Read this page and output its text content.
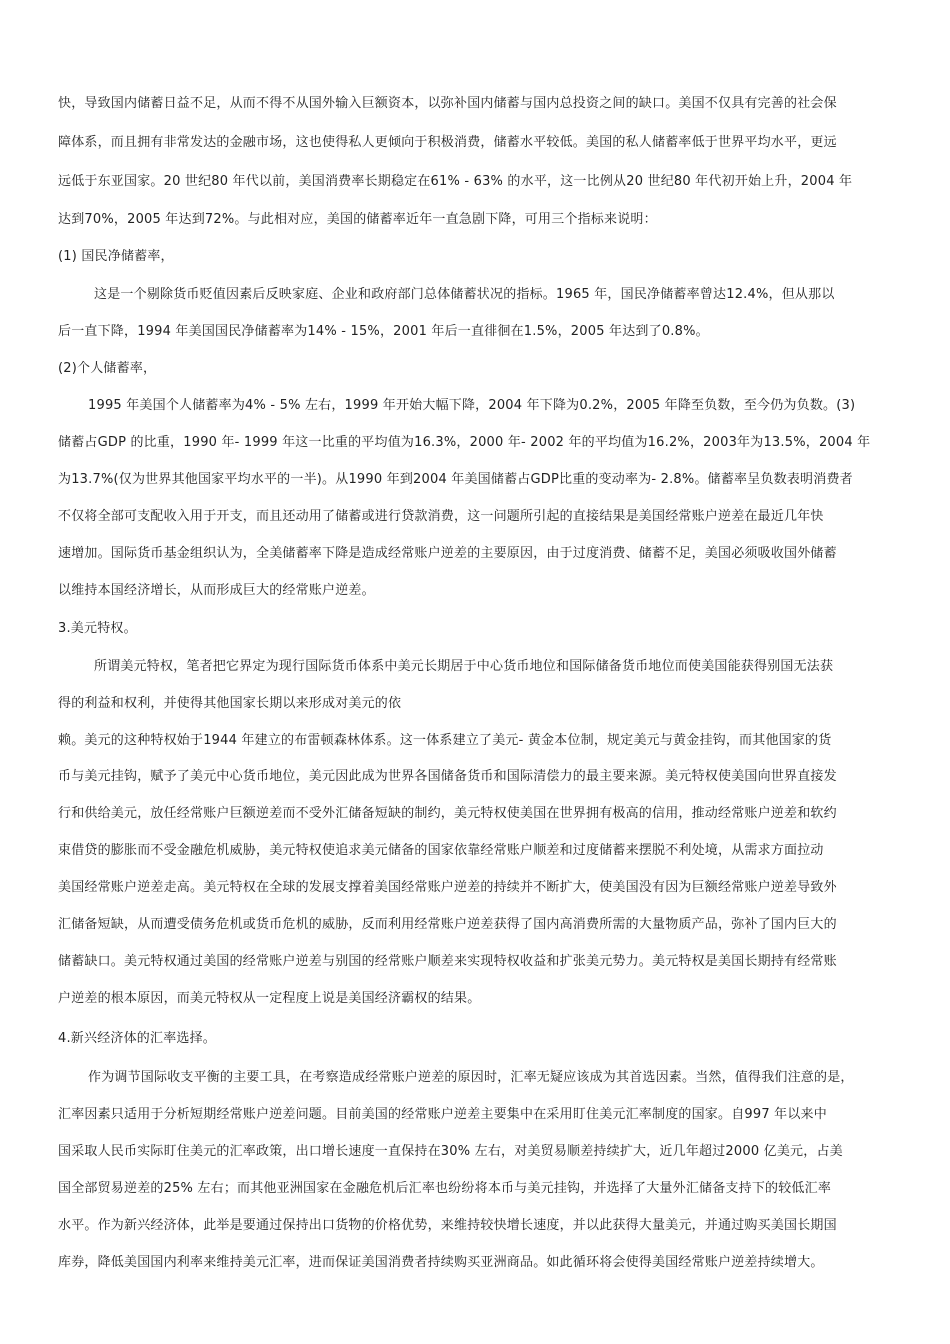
快，导致国内储蓄日益不足，从而不得不从国外输入巨额资本，以弥补国内储蓄与国内总投资之间的缺口。美国不仅具有完善的社会保
障体系，而且拥有非常发达的金融市场，这也使得私人更倾向于积极消费，储蓄水平较低。美国的私人储蓄率低于世界平均水平，更远
远低于东亚国家。20 世纪80 年代以前，美国消费率长期稳定在61% - 63% 的水平，这一比例从20 世纪80 年代初开始上升，2004 年
达到70%，2005 年达到72%。与此相对应，美国的储蓄率近年一直急剧下降，可用三个指标来说明：
(1) 国民净储蓄率，
这是一个剔除货币贬值因素后反映家庭、企业和政府部门总体储蓄状况的指标。1965 年，国民净储蓄率曾达12.4%，但从那以
后一直下降，1994 年美国国民净储蓄率为14% - 15%，2001 年后一直徘徊在1.5%，2005 年达到了0.8%。
(2)个人储蓄率，
1995 年美国个人储蓄率为4% - 5% 左右，1999 年开始大幅下降，2004 年下降为0.2%，2005 年降至负数，至今仍为负数。(3)
储蓄占GDP 的比重，1990 年- 1999 年这一比重的平均值为16.3%，2000 年- 2002 年的平均值为16.2%，2003年为13.5%，2004 年
为13.7%(仅为世界其他国家平均水平的一半)。从1990 年到2004 年美国储蓄占GDP比重的变动率为- 2.8%。储蓄率呈负数表明消费者
不仅将全部可支配收入用于开支，而且还动用了储蓄或进行贷款消费，这一问题所引起的直接结果是美国经常账户逆差在最近几年快
速增加。国际货币基金组织认为，全美储蓄率下降是造成经常账户逆差的主要原因，由于过度消费、储蓄不足，美国必须吸收国外储蓄
以维持本国经济增长，从而形成巨大的经常账户逆差。
3.美元特权。
所谓美元特权，笔者把它界定为现行国际货币体系中美元长期居于中心货币地位和国际储备货币地位而使美国能获得别国无法获
得的利益和权利，并使得其他国家长期以来形成对美元的依
赖。美元的这种特权始于1944 年建立的布雷顿森林体系。这一体系建立了美元- 黄金本位制，规定美元与黄金挂钩，而其他国家的货
币与美元挂钩，赋予了美元中心货币地位，美元因此成为世界各国储备货币和国际清偿力的最主要来源。美元特权使美国向世界直接发
行和供给美元，放任经常账户巨额逆差而不受外汇储备短缺的制约，美元特权使美国在世界拥有极高的信用，推动经常账户逆差和软约
束借贷的膨胀而不受金融危机威胁，美元特权使追求美元储备的国家依靠经常账户顺差和过度储蓄来摆脱不利处境，从需求方面拉动
美国经常账户逆差走高。美元特权在全球的发展支撑着美国经常账户逆差的持续并不断扩大，使美国没有因为巨额经常账户逆差导致外
汇储备短缺，从而遭受债务危机或货币危机的威胁，反而利用经常账户逆差获得了国内高消费所需的大量物质产品，弥补了国内巨大的
储蓄缺口。美元特权通过美国的经常账户逆差与别国的经常账户顺差来实现特权收益和扩张美元势力。美元特权是美国长期持有经常账
户逆差的根本原因，而美元特权从一定程度上说是美国经济霸权的结果。
4.新兴经济体的汇率选择。
作为调节国际收支平衡的主要工具，在考察造成经常账户逆差的原因时，汇率无疑应该成为其首选因素。当然，值得我们注意的是，
汇率因素只适用于分析短期经常账户逆差问题。目前美国的经常账户逆差主要集中在采用盯住美元汇率制度的国家。自997 年以来中
国采取人民币实际盯住美元的汇率政策，出口增长速度一直保持在30% 左右，对美贸易顺差持续扩大，近几年超过2000 亿美元，占美
国全部贸易逆差的25% 左右；而其他亚洲国家在金融危机后汇率也纷纷将本币与美元挂钩，并选择了大量外汇储备支持下的较低汇率
水平。作为新兴经济体，此举是要通过保持出口货物的价格优势，来维持较快增长速度，并以此获得大量美元，并通过购买美国长期国
库券，降低美国国内利率来维持美元汇率，进而保证美国消费者持续购买亚洲商品。如此循环将会使得美国经常账户逆差持续增大。
